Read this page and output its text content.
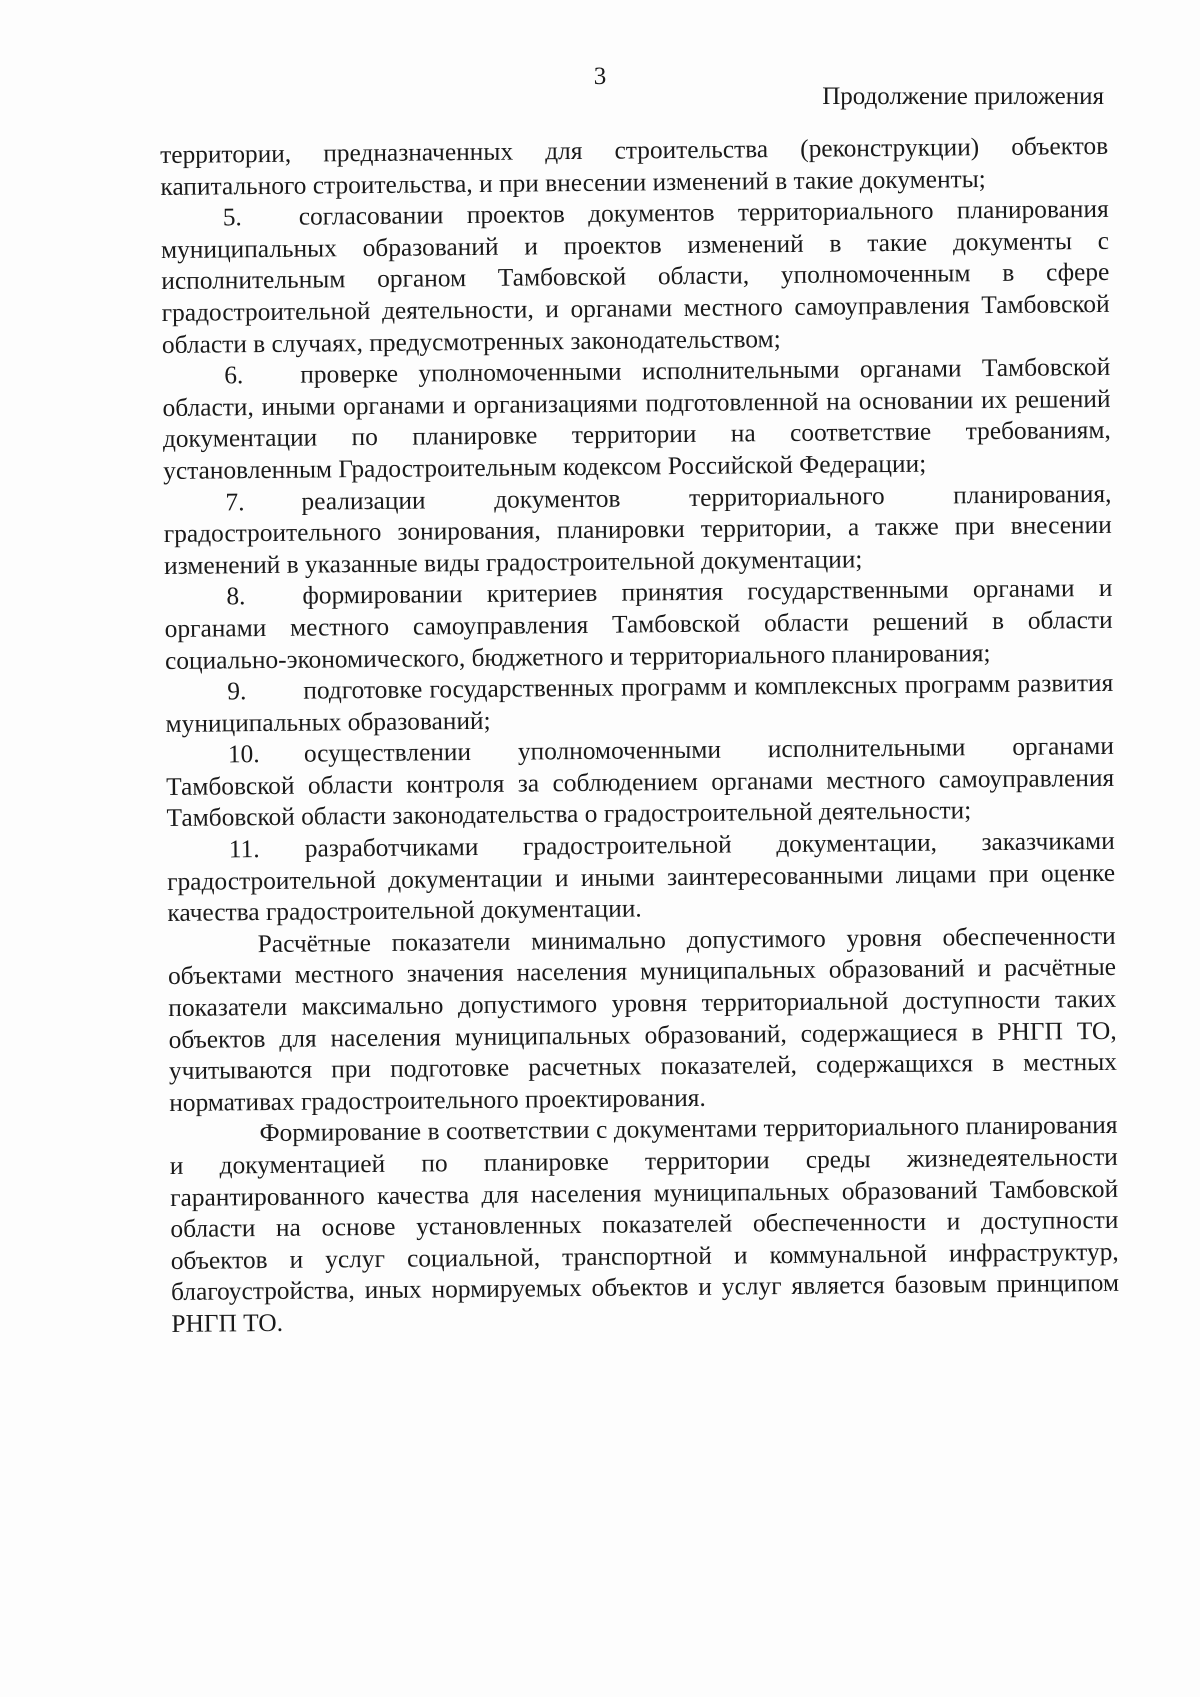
3
Продолжение приложения

территории, предназначенных для строительства (реконструкции) объектов капитального строительства, и при внесении изменений в такие документы;

5. согласовании проектов документов территориального планирования муниципальных образований и проектов изменений в такие документы с исполнительным органом Тамбовской области, уполномоченным в сфере градостроительной деятельности, и органами местного самоуправления Тамбовской области в случаях, предусмотренных законодательством;

6. проверке уполномоченными исполнительными органами Тамбовской области, иными органами и организациями подготовленной на основании их решений документации по планировке территории на соответствие требованиям, установленным Градостроительным кодексом Российской Федерации;

7. реализации документов территориального планирования, градостроительного зонирования, планировки территории, а также при внесении изменений в указанные виды градостроительной документации;

8. формировании критериев принятия государственными органами и органами местного самоуправления Тамбовской области решений в области социально-экономического, бюджетного и территориального планирования;

9. подготовке государственных программ и комплексных программ развития муниципальных образований;

10. осуществлении уполномоченными исполнительными органами Тамбовской области контроля за соблюдением органами местного самоуправления Тамбовской области законодательства о градостроительной деятельности;

11. разработчиками градостроительной документации, заказчиками градостроительной документации и иными заинтересованными лицами при оценке качества градостроительной документации.

Расчётные показатели минимально допустимого уровня обеспеченности объектами местного значения населения муниципальных образований и расчётные показатели максимально допустимого уровня территориальной доступности таких объектов для населения муниципальных образований, содержащиеся в РНГП ТО, учитываются при подготовке расчетных показателей, содержащихся в местных нормативах градостроительного проектирования.

Формирование в соответствии с документами территориального планирования и документацией по планировке территории среды жизнедеятельности гарантированного качества для населения муниципальных образований Тамбовской области на основе установленных показателей обеспеченности и доступности объектов и услуг социальной, транспортной и коммунальной инфраструктур, благоустройства, иных нормируемых объектов и услуг является базовым принципом РНГП ТО.
